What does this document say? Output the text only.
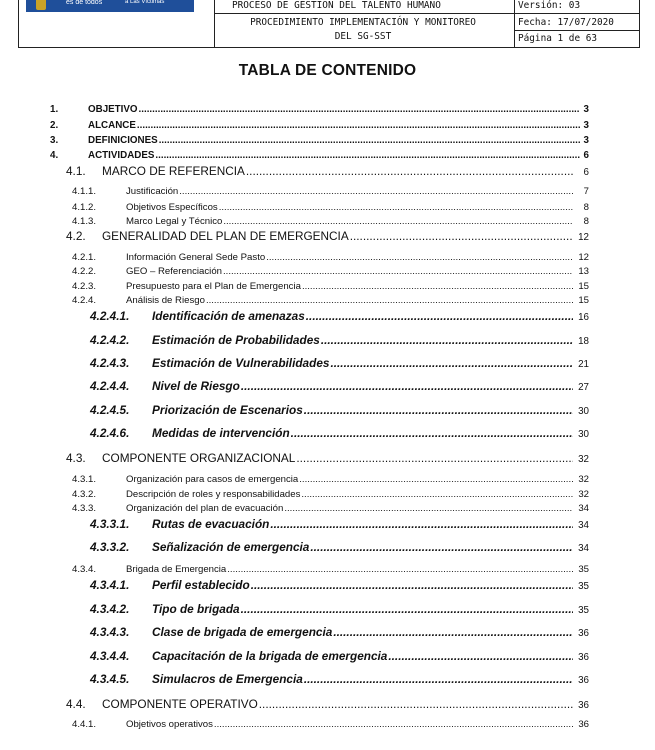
es de todos	a Las Víctimas	PROCESO DE GESTIÓN DEL TALENTO HUMANO
PROCEDIMIENTO IMPLEMENTACIÓN Y MONITOREO
DEL SG-SST
Versión: 03
Fecha: 17/07/2020
Página 1 de 63
TABLA DE CONTENIDO
1.	OBJETIVO .....	3
2.	ALCANCE .....	3
3.	DEFINICIONES .....	3
4.	ACTIVIDADES .....	6
4.1.	MARCO DE REFERENCIA .....	6
4.1.1.	Justificación .....	7
4.1.2.	Objetivos Específicos .....	8
4.1.3.	Marco Legal y Técnico .....	8
4.2.	GENERALIDAD DEL PLAN DE EMERGENCIA .....	12
4.2.1.	Información General Sede Pasto .....	12
4.2.2.	GEO – Referenciación .....	13
4.2.3.	Presupuesto para el Plan de Emergencia .....	15
4.2.4.	Análisis de Riesgo .....	15
4.2.4.1.	Identificación de amenazas .....	16
4.2.4.2.	Estimación de Probabilidades .....	18
4.2.4.3.	Estimación de Vulnerabilidades .....	21
4.2.4.4.	Nivel de Riesgo .....	27
4.2.4.5.	Priorización de Escenarios .....	30
4.2.4.6.	Medidas de intervención .....	30
4.3.	COMPONENTE ORGANIZACIONAL .....	32
4.3.1.	Organización para casos de emergencia .....	32
4.3.2.	Descripción de roles y responsabilidades .....	32
4.3.3.	Organización del plan de evacuación .....	34
4.3.3.1.	Rutas de evacuación .....	34
4.3.3.2.	Señalización de emergencia .....	34
4.3.4.	Brigada de Emergencia .....	35
4.3.4.1.	Perfil establecido .....	35
4.3.4.2.	Tipo de brigada .....	35
4.3.4.3.	Clase de brigada de emergencia .....	36
4.3.4.4.	Capacitación de la brigada de emergencia .....	36
4.3.4.5.	Simulacros de Emergencia .....	36
4.4.	COMPONENTE OPERATIVO .....	36
4.4.1.	Objetivos operativos .....	36
